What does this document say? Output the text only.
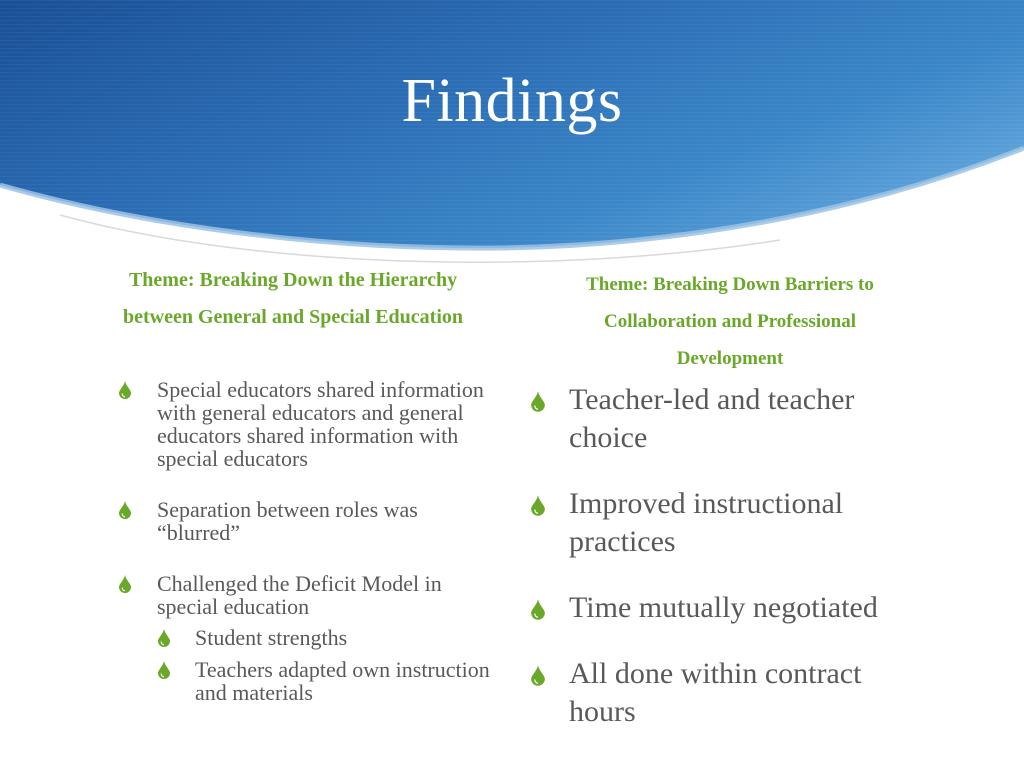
Findings
Theme: Breaking Down the Hierarchy
between General and Special Education
Theme: Breaking Down Barriers to
Collaboration and Professional
Development
Special educators shared information with general educators and general educators shared information with special educators
Separation between roles was “blurred”
Challenged the Deficit Model in special education
Student strengths
Teachers adapted own instruction and materials
Teacher-led and teacher choice
Improved instructional practices
Time mutually negotiated
All done within contract hours
